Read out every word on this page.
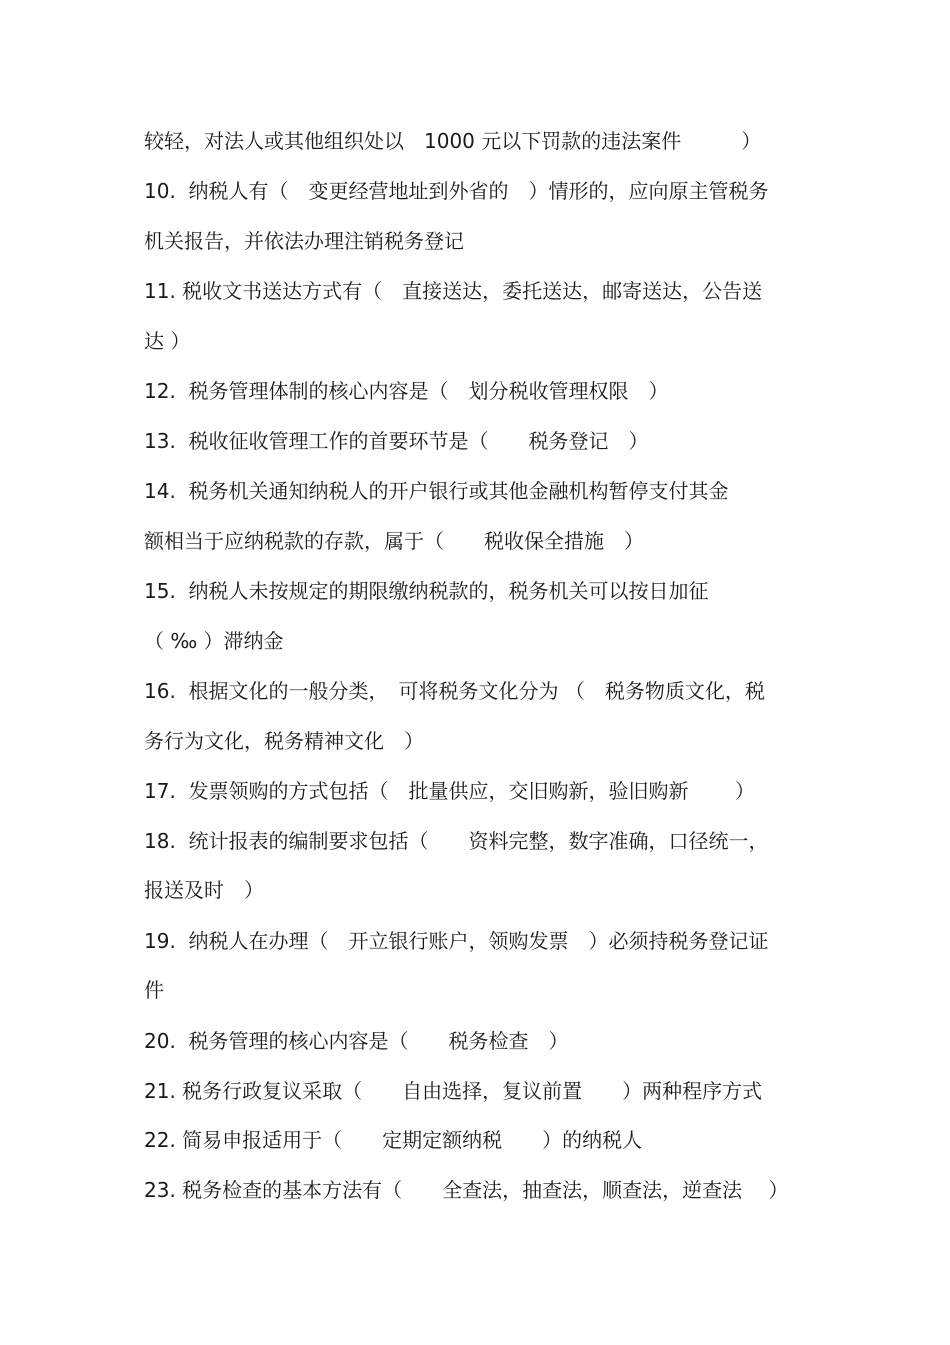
较轻，对法人或其他组织处以　1000 元以下罚款的违法案件　　　）
10.  纳税人有（　变更经营地址到外省的　）情形的，应向原主管税务
机关报告，并依法办理注销税务登记
11. 税收文书送达方式有（　直接送达，委托送达，邮寄送达，公告送
达 ）
12.  税务管理体制的核心内容是（　划分税收管理权限　）
13.  税收征收管理工作的首要环节是（　　税务登记　）
14.  税务机关通知纳税人的开户银行或其他金融机构暂停支付其金
额相当于应纳税款的存款，属于（　　税收保全措施　）
15.  纳税人未按规定的期限缴纳税款的，税务机关可以按日加征
（ ‰ ）滞纳金
16.  根据文化的一般分类，　可将税务文化分为 （　税务物质文化，税
务行为文化，税务精神文化　）
17.  发票领购的方式包括（　批量供应，交旧购新，验旧购新　　 ）
18.  统计报表的编制要求包括（　　资料完整，数字准确，口径统一，
报送及时　）
19.  纳税人在办理（　开立银行账户，领购发票　）必须持税务登记证
件
20.  税务管理的核心内容是（　　税务检查　）
21. 税务行政复议采取（　　自由选择，复议前置　　）两种程序方式
22. 简易申报适用于（　　定期定额纳税　　）的纳税人
23. 税务检查的基本方法有（　　全查法，抽查法，顺查法，逆查法　 ）
